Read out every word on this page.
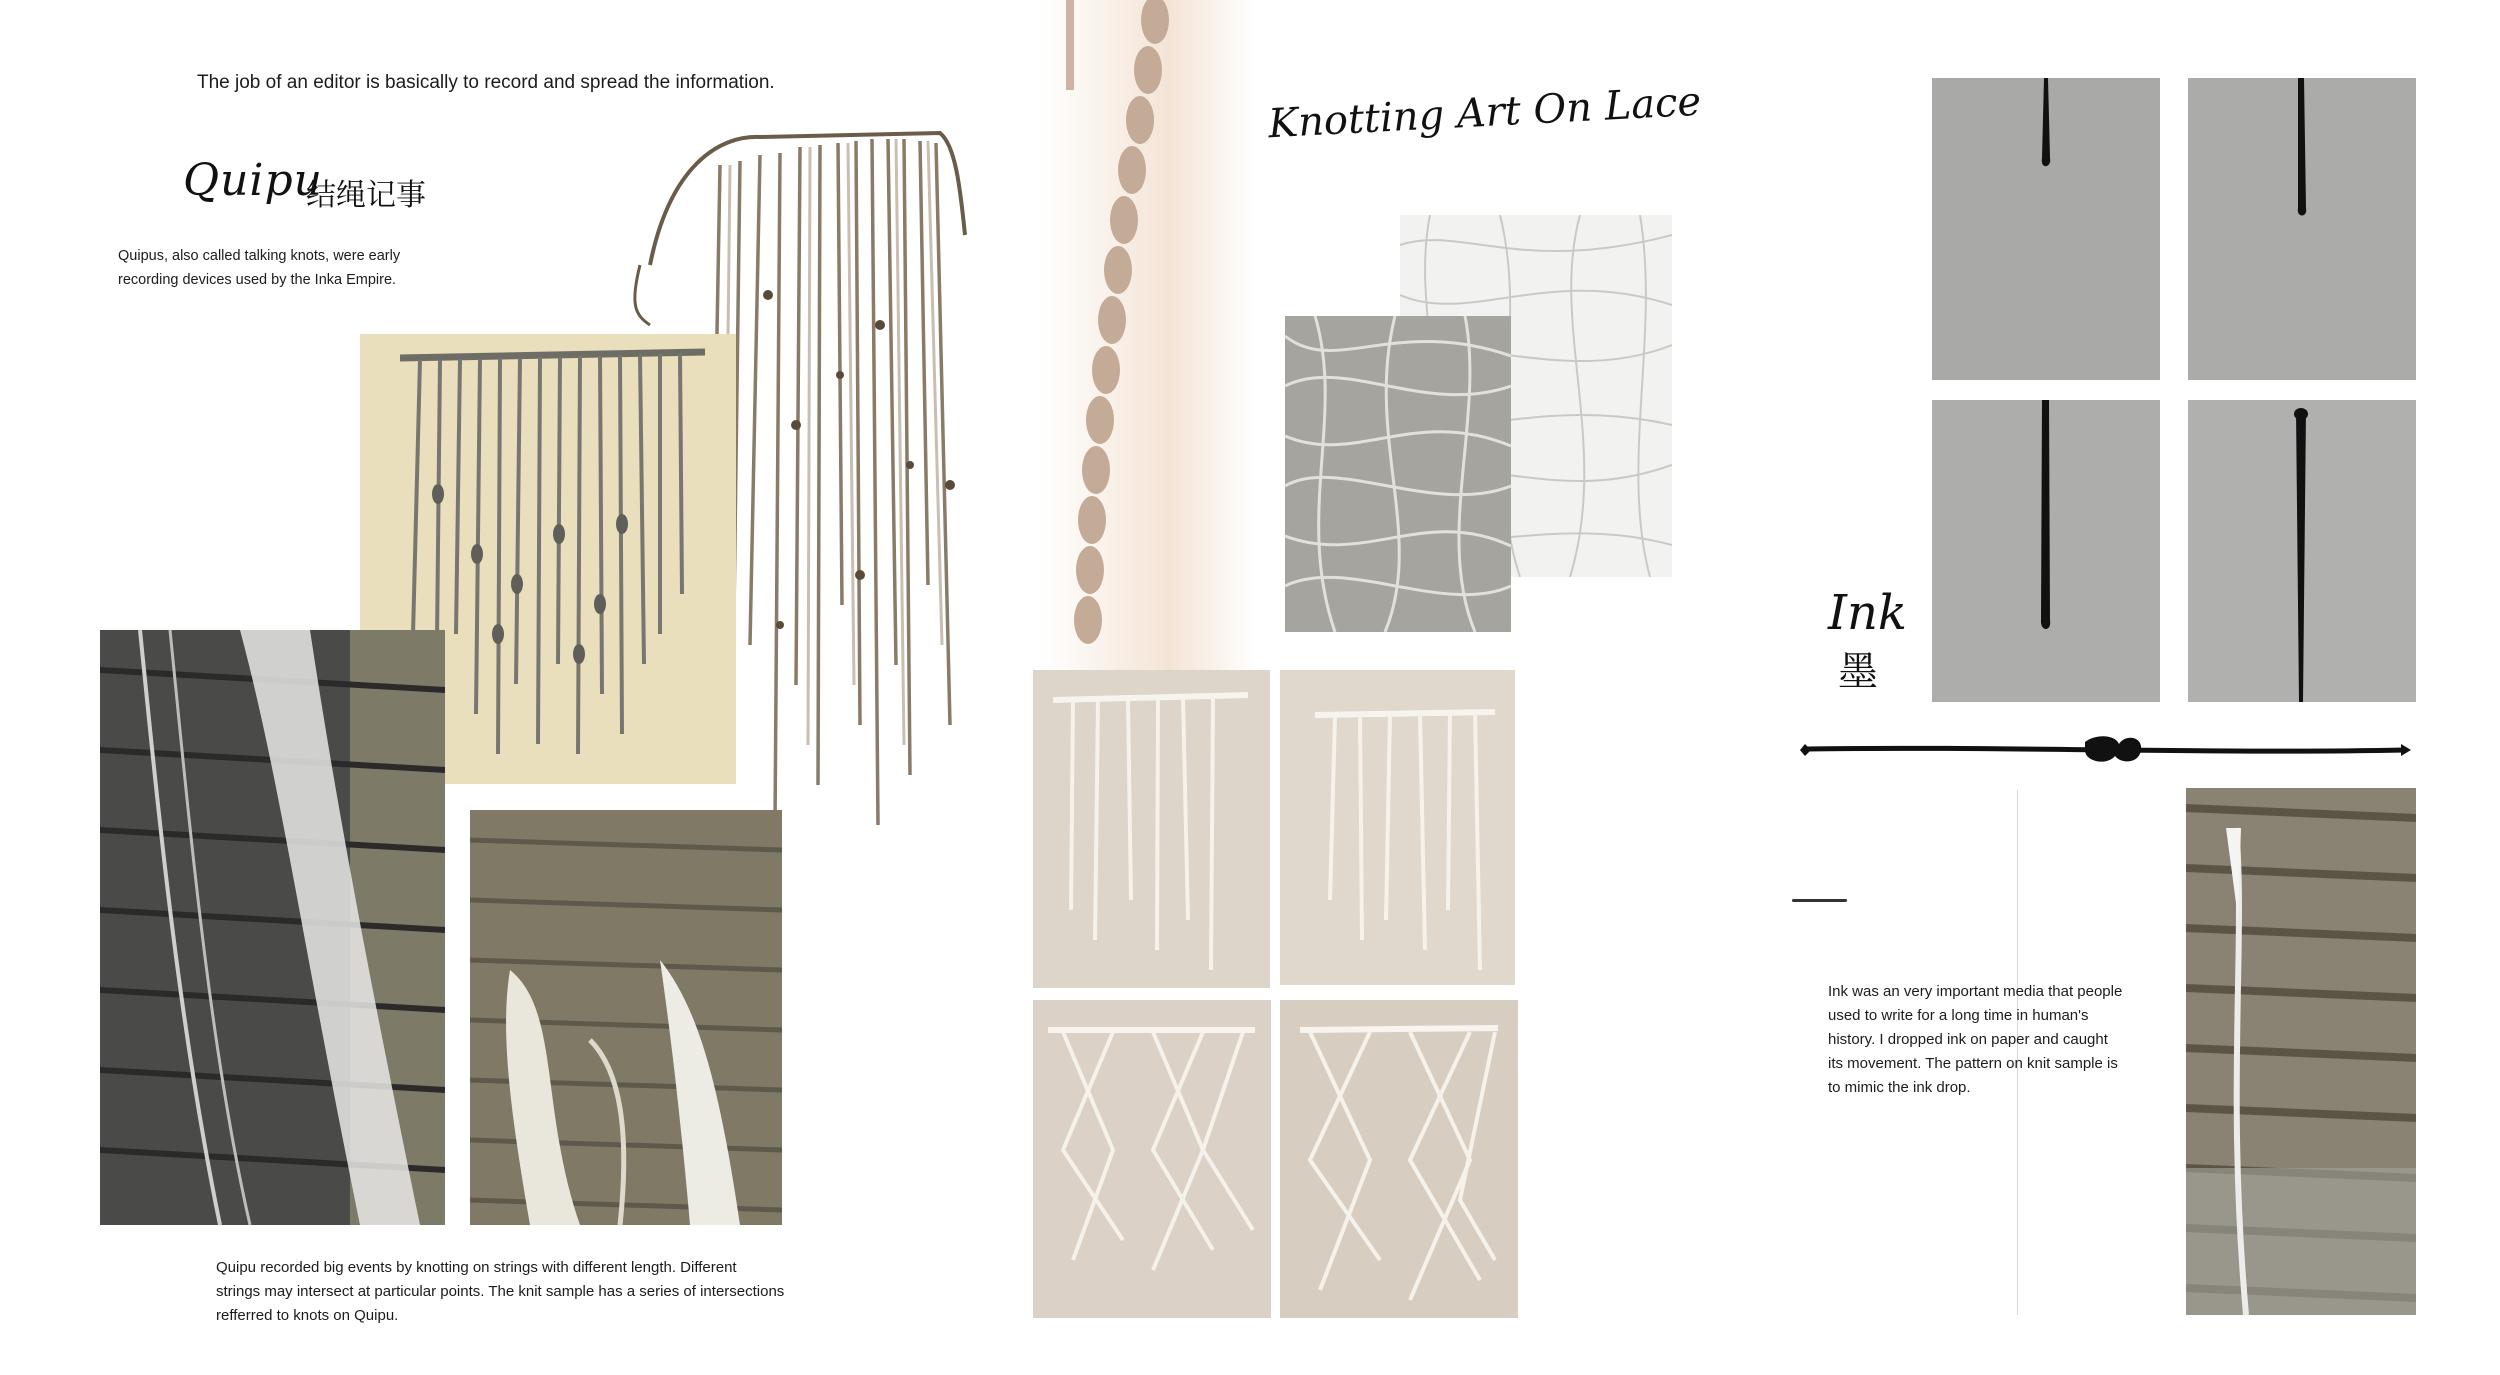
The job of an editor is basically to record and spread the information.
Quipu
结绳记事
Quipus, also called talking knots, were early
recording devices used by the Inka Empire.
Quipu recorded big events by knotting on strings with different length. Different
strings may intersect at particular points. The knit sample has a series of intersections
refferred to knots on Quipu.
Knotting Art On Lace
Ink
墨
Ink was an very important media that people
used to write for a long time in human's
history. I dropped ink on paper and caught
its movement. The pattern on knit sample is
to mimic the ink drop.
